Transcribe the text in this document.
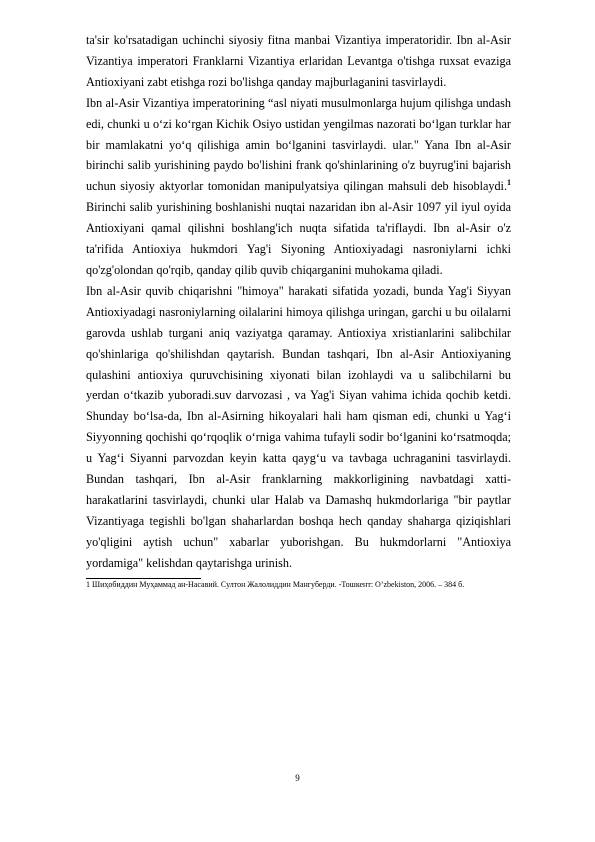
ta'sir ko'rsatadigan uchinchi siyosiy fitna manbai Vizantiya imperatoridir. Ibn al-Asir Vizantiya imperatori Franklarni Vizantiya erlaridan Levantga o'tishga ruxsat evaziga Antioxiyani zabt etishga rozi bo'lishga qanday majburlaganini tasvirlaydi.

Ibn al-Asir Vizantiya imperatorining “asl niyati musulmonlarga hujum qilishga undash edi, chunki u o‘zi ko‘rgan Kichik Osiyo ustidan yengilmas nazorati bo‘lgan turklar har bir mamlakatni yo‘q qilishiga amin bo‘lganini tasvirlaydi. ular." Yana Ibn al-Asir birinchi salib yurishining paydo bo'lishini frank qo'shinlarining o'z buyrug'ini bajarish uchun siyosiy aktyorlar tomonidan manipulyatsiya qilingan mahsuli deb hisoblaydi.$^1$ Birinchi salib yurishining boshlanishi nuqtai nazaridan ibn al-Asir 1097 yil iyul oyida Antioxiyani qamal qilishni boshlang'ich nuqta sifatida ta'riflaydi. Ibn al-Asir o'z ta'rifida Antioxiya hukmdori Yag'i Siyoning Antioxiyadagi nasroniylarni ichki qo'zg'olondan qo'rqib, qanday qilib quvib chiqarganini muhokama qiladi.

Ibn al-Asir quvib chiqarishni "himoya" harakati sifatida yozadi, bunda Yag'i Siyyan Antioxiyadagi nasroniylarning oilalarini himoya qilishga uringan, garchi u bu oilalarni garovda ushlab turgani aniq vaziyatga qaramay. Antioxiya xristianlarini salibchilar qo'shinlariga qo'shilishdan qaytarish. Bundan tashqari, Ibn al-Asir Antioxiyaning qulashini antioxiya quruvchisining xiyonati bilan izohlaydi va u salibchilarni bu yerdan o‘tkazib yuboradi.suv darvozasi , va Yag'i Siyan vahima ichida qochib ketdi. Shunday bo‘lsa-da, Ibn al-Asirning hikoyalari hali ham qisman edi, chunki u Yag‘i Siyyonning qochishi qo‘rqoqlik o‘rniga vahima tufayli sodir bo‘lganini ko‘rsatmoqda; u Yag‘i Siyanni parvozdan keyin katta qayg‘u va tavbaga uchraganini tasvirlaydi. Bundan tashqari, Ibn al-Asir franklarning makkorligining navbatdagi xatti-harakatlarini tasvirlaydi, chunki ular Halab va Damashq hukmdorlariga "bir paytlar Vizantiyaga tegishli bo'lgan shaharlardan boshqa hech qanday shaharga qiziqishlari yo'qligini aytish uchun" xabarlar yuborishgan. Bu hukmdorlarni "Antioxiya yordamiga" kelishdan qaytarishga urinish.

1 Шиҳобиддин Муҳаммад ан-Насавий. Султон Жалолиддин Мангуберди. -Тошкент: O’zbekiston, 2006. – 384 б.

9
